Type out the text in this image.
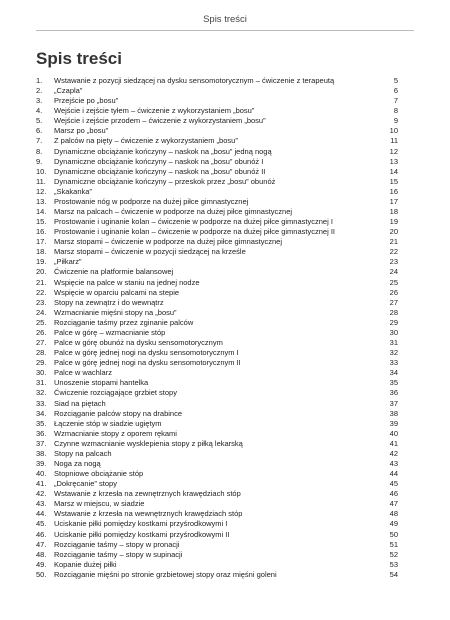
Spis treści
Spis treści
1.	Wstawanie z pozycji siedzącej na dysku sensomotorycznym – ćwiczenie z terapeutą	5
2.	„Czapla”	6
3.	Przejście po „bosu”	7
4.	Wejście i zejście tyłem – ćwiczenie z wykorzystaniem „bosu”	8
5.	Wejście i zejście przodem – ćwiczenie z wykorzystaniem „bosu”	9
6.	Marsz po „bosu”	10
7.	Z palców na pięty – ćwiczenie z wykorzystaniem „bosu”	11
8.	Dynamiczne obciążanie kończyny – naskok na „bosu” jedną nogą	12
9.	Dynamiczne obciążanie kończyny – naskok na „bosu” obunóż I	13
10.	Dynamiczne obciążanie kończyny – naskok na „bosu” obunóż II	14
11.	Dynamiczne obciążanie kończyny – przeskok przez „bosu” obunóż	15
12.	„Skakanka”	16
13.	Prostowanie nóg w podporze na dużej piłce gimnastycznej	17
14.	Marsz na palcach – ćwiczenie w podporze na dużej piłce gimnastycznej	18
15.	Prostowanie i uginanie kolan – ćwiczenie w podporze na dużej piłce gimnastycznej I	19
16.	Prostowanie i uginanie kolan – ćwiczenie w podporze na dużej piłce gimnastycznej II	20
17.	Marsz stopami – ćwiczenie w podporze na dużej piłce gimnastycznej	21
18.	Marsz stopami – ćwiczenie w pozycji siedzącej na krześle	22
19.	„Piłkarz”	23
20.	Ćwiczenie na platformie balansowej	24
21.	Wspięcie na palce w staniu na jednej nodze	25
22.	Wspięcie w oparciu palcami na stepie	26
23.	Stopy na zewnątrz i do wewnątrz	27
24.	Wzmacnianie mięśni stopy na „bosu”	28
25.	Rozciąganie taśmy przez zginanie palców	29
26.	Palce w górę – wzmacnianie stóp	30
27.	Palce w górę obunóż na dysku sensomotorycznym	31
28.	Palce w górę jednej nogi na dysku sensomotorycznym I	32
29.	Palce w górę jednej nogi na dysku sensomotorycznym II	33
30.	Palce w wachlarz	34
31.	Unoszenie stopami hantelka	35
32.	Ćwiczenie rozciągające grzbiet stopy	36
33.	Siad na piętach	37
34.	Rozciąganie palców stopy na drabince	38
35.	Łączenie stóp w siadzie ugiętym	39
36.	Wzmacnianie stopy z oporem rękami	40
37.	Czynne wzmacnianie wysklepienia stopy z piłką lekarską	41
38.	Stopy na palcach	42
39.	Noga za nogą	43
40.	Stopniowe obciążanie stóp	44
41.	„Dokręcanie” stopy	45
42.	Wstawanie z krzesła na zewnętrznych krawędziach stóp	46
43.	Marsz w miejscu, w siadzie	47
44.	Wstawanie z krzesła na wewnętrznych krawędziach stóp	48
45.	Uciskanie piłki pomiędzy kostkami przyśrodkowymi I	49
46.	Uciskanie piłki pomiędzy kostkami przyśrodkowymi II	50
47.	Rozciąganie taśmy – stopy w pronacji	51
48.	Rozciąganie taśmy – stopy w supinacji	52
49.	Kopanie dużej piłki	53
50.	Rozciąganie mięśni po stronie grzbietowej stopy oraz mięśni goleni	54
